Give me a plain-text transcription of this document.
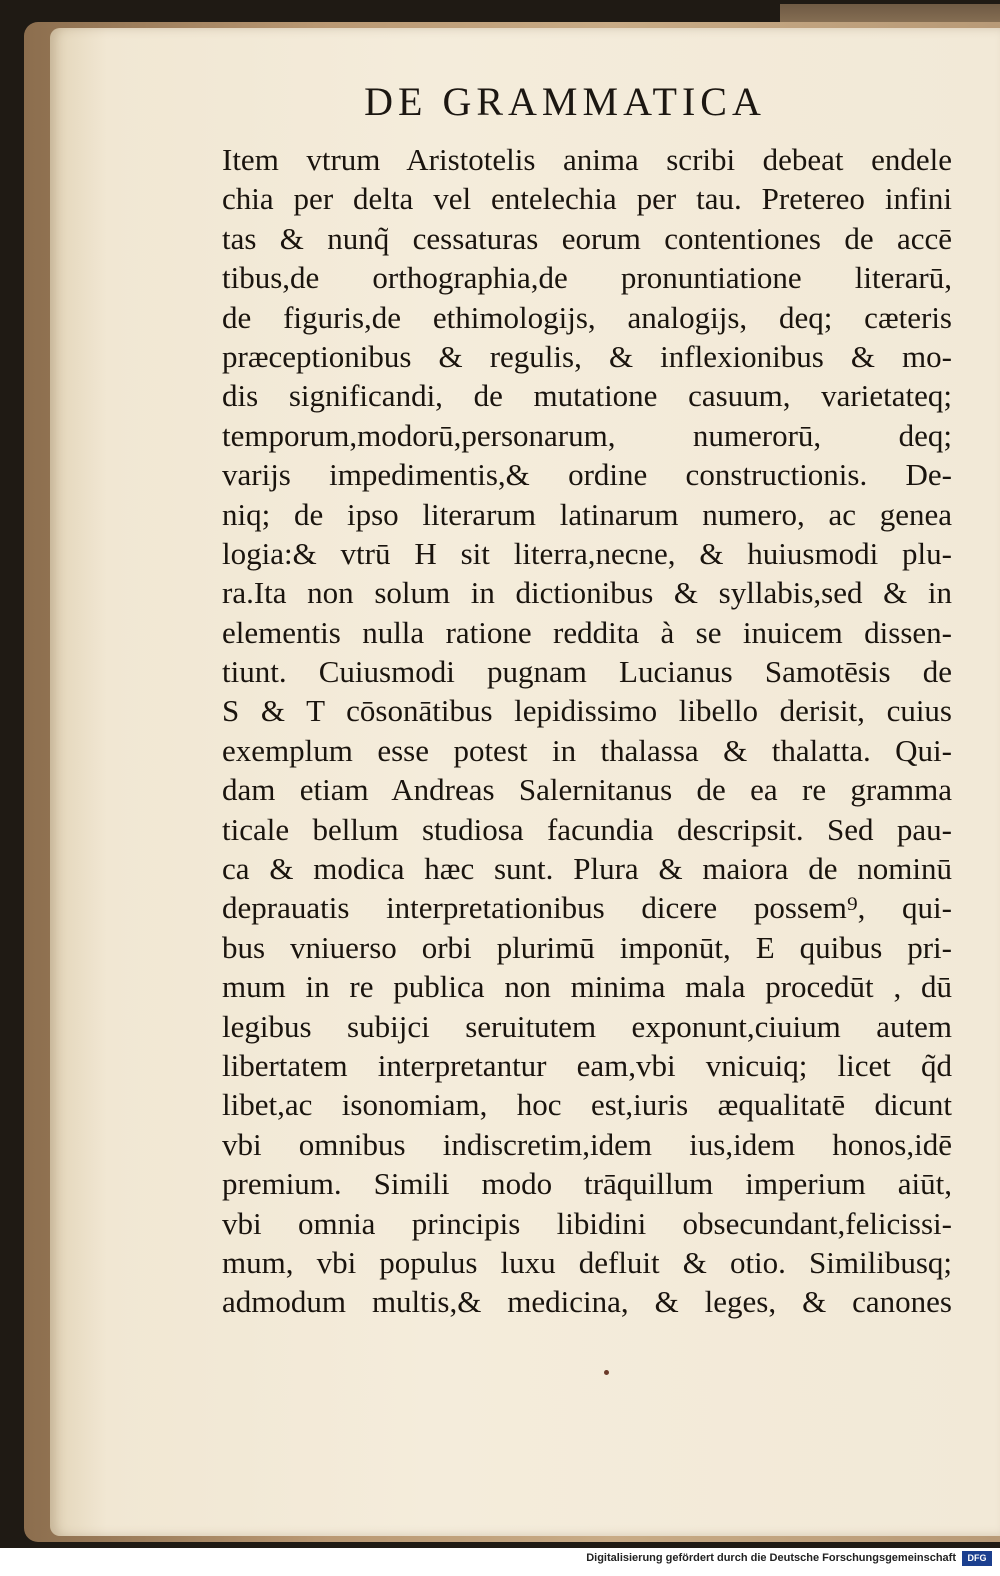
DE GRAMMATICA
Item vtrum Aristotelis anima scribi debeat endele
chia per delta vel entelechia per tau. Pretereo infini
tas & nunq̃ cessaturas eorum contentiones de accē
tibus,de orthographia,de pronuntiatione literarū,
de figuris,de ethimologijs, analogijs, deq; cæteris
præceptionibus & regulis, & inflexionibus & mo-
dis significandi, de mutatione casuum, varietateq;
temporum,modorū,personarum, numerorū, deq;
varijs impedimentis,& ordine constructionis. De-
niq; de ipso literarum latinarum numero, ac genea
logia:& vtrū H sit literra,necne, & huiusmodi plu-
ra.Ita non solum in dictionibus & syllabis,sed & in
elementis nulla ratione reddita à se inuicem dissen-
tiunt. Cuiusmodi pugnam Lucianus Samotēsis de
S & T cōsonātibus lepidissimo libello derisit, cuius
exemplum esse potest in thalassa & thalatta. Qui-
dam etiam Andreas Salernitanus de ea re gramma
ticale bellum studiosa facundia descripsit. Sed pau-
ca & modica hæc sunt. Plura & maiora de nominū
deprauatis interpretationibus dicere possem⁹, qui-
bus vniuerso orbi plurimū imponūt, E quibus pri-
mum in re publica non minima mala procedūt , dū
legibus subijci seruitutem exponunt,ciuium autem
libertatem interpretantur eam,vbi vnicuiq; licet q̃d
libet,ac isonomiam, hoc est,iuris æqualitatē dicunt
vbi omnibus indiscretim,idem ius,idem honos,idē
premium. Simili modo trāquillum imperium aiūt,
vbi omnia principis libidini obsecundant,felicissi-
mum, vbi populus luxu defluit & otio. Similibusq;
admodum multis,& medicina, & leges, & canones
Digitalisierung gefördert durch die Deutsche Forschungsgemeinschaft	DFG
